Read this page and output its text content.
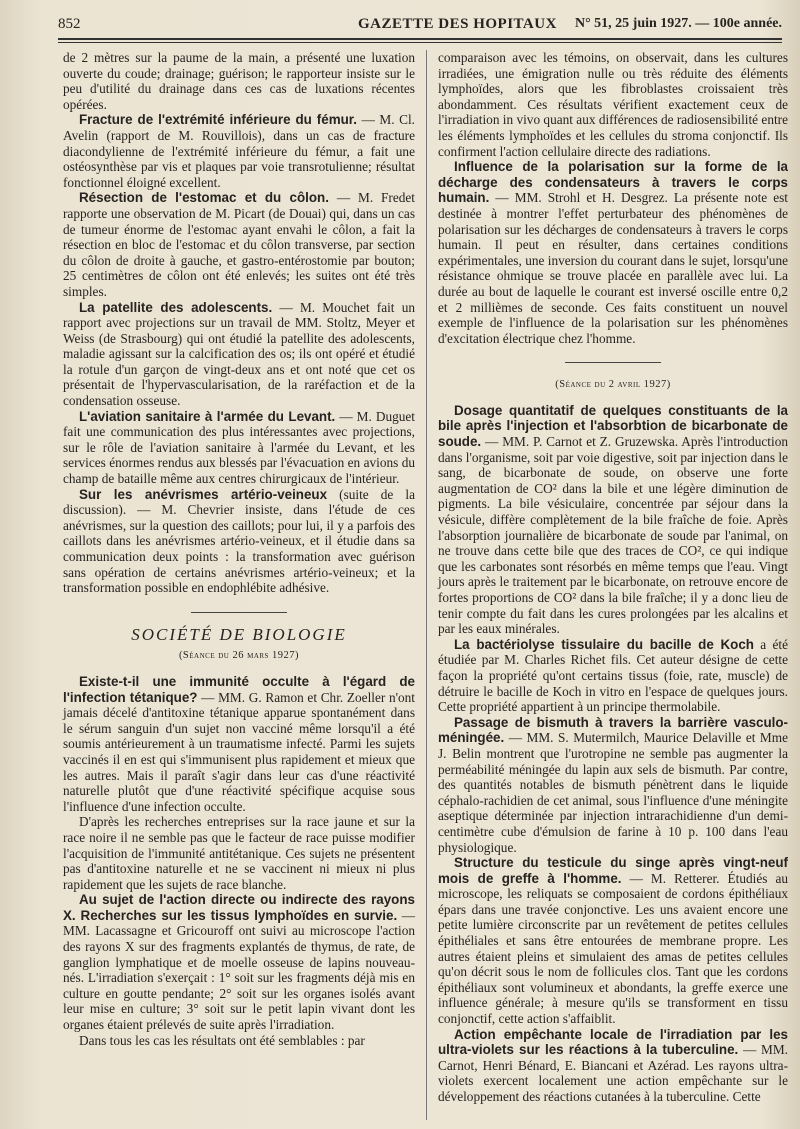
852	GAZETTE DES HOPITAUX N° 51, 25 juin 1927. — 100e année.

de 2 mètres sur la paume de la main, a présenté une luxation ouverte du coude; drainage; guérison; le rapporteur insiste sur le peu d'utilité du drainage dans ces cas de luxations récentes opérées.

Fracture de l'extrémité inférieure du fémur. — M. Cl. Avelin (rapport de M. Rouvillois), dans un cas de fracture diacondylienne de l'extrémité inférieure du fémur, a fait une ostéosynthèse par vis et plaques par voie transrotulienne; résultat fonctionnel éloigné excellent.

Résection de l'estomac et du côlon. — M. Fredet rapporte une observation de M. Picart (de Douai) qui, dans un cas de tumeur énorme de l'estomac ayant envahi le côlon, a fait la résection en bloc de l'estomac et du côlon transverse, par section du côlon de droite à gauche, et gastro-entérostomie par bouton; 25 centimètres de côlon ont été enlevés; les suites ont été très simples.

La patellite des adolescents. — M. Mouchet fait un rapport avec projections sur un travail de MM. Stoltz, Meyer et Weiss (de Strasbourg) qui ont étudié la patellite des adolescents, maladie agissant sur la calcification des os; ils ont opéré et étudié la rotule d'un garçon de vingt-deux ans et ont noté que cet os présentait de l'hypervascularisation, de la raréfaction et de la condensation osseuse.

L'aviation sanitaire à l'armée du Levant. — M. Duguet fait une communication des plus intéressantes avec projections, sur le rôle de l'aviation sanitaire à l'armée du Levant, et les services énormes rendus aux blessés par l'évacuation en avions du champ de bataille même aux centres chirurgicaux de l'intérieur.

Sur les anévrismes artério-veineux (suite de la discussion). — M. Chevrier insiste, dans l'étude de ces anévrismes, sur la question des caillots; pour lui, il y a parfois des caillots dans les anévrismes artério-veineux, et il étudie dans sa communication deux points : la transformation avec guérison sans opération de certains anévrismes artério-veineux; et la transformation possible en endophlébite adhésive.

SOCIÉTÉ DE BIOLOGIE
(Séance du 26 mars 1927)

Existe-t-il une immunité occulte à l'égard de l'infection tétanique? — MM. G. Ramon et Chr. Zoeller n'ont jamais décelé d'antitoxine tétanique apparue spontanément dans le sérum sanguin d'un sujet non vacciné même lorsqu'il a été soumis antérieurement à un traumatisme infecté. Parmi les sujets vaccinés il en est qui s'immunisent plus rapidement et mieux que les autres. Mais il paraît s'agir dans leur cas d'une réactivité naturelle plutôt que d'une réactivité spécifique acquise sous l'influence d'une infection occulte.

D'après les recherches entreprises sur la race jaune et sur la race noire il ne semble pas que le facteur de race puisse modifier l'acquisition de l'immunité antitétanique. Ces sujets ne présentent pas d'antitoxine naturelle et ne se vaccinent ni mieux ni plus rapidement que les sujets de race blanche.

Au sujet de l'action directe ou indirecte des rayons X. Recherches sur les tissus lymphoïdes en survie. — MM. Lacassagne et Gricouroff ont suivi au microscope l'action des rayons X sur des fragments explantés de thymus, de rate, de ganglion lymphatique et de moelle osseuse de lapins nouveau-nés. L'irradiation s'exerçait : 1° soit sur les fragments déjà mis en culture en goutte pendante; 2° soit sur les organes isolés avant leur mise en culture; 3° soit sur le petit lapin vivant dont les organes étaient prélevés de suite après l'irradiation.

Dans tous les cas les résultats ont été semblables : par

comparaison avec les témoins, on observait, dans les cultures irradiées, une émigration nulle ou très réduite des éléments lymphoïdes, alors que les fibroblastes croissaient très abondamment. Ces résultats vérifient exactement ceux de l'irradiation in vivo quant aux différences de radiosensibilité entre les éléments lymphoïdes et les cellules du stroma conjonctif. Ils confirment l'action cellulaire directe des radiations.

Influence de la polarisation sur la forme de la décharge des condensateurs à travers le corps humain. — MM. Strohl et H. Desgrez. La présente note est destinée à montrer l'effet perturbateur des phénomènes de polarisation sur les décharges de condensateurs à travers le corps humain. Il peut en résulter, dans certaines conditions expérimentales, une inversion du courant dans le sujet, lorsqu'une résistance ohmique se trouve placée en parallèle avec lui. La durée au bout de laquelle le courant est inversé oscille entre 0,2 et 2 millièmes de seconde. Ces faits constituent un nouvel exemple de l'influence de la polarisation sur les phénomènes d'excitation électrique chez l'homme.

(Séance du 2 avril 1927)

Dosage quantitatif de quelques constituants de la bile après l'injection et l'absorbtion de bicarbonate de soude. — MM. P. Carnot et Z. Gruzewska. Après l'introduction dans l'organisme, soit par voie digestive, soit par injection dans le sang, de bicarbonate de soude, on observe une forte augmentation de CO² dans la bile et une légère diminution de pigments. La bile vésiculaire, concentrée par séjour dans la vésicule, diffère complètement de la bile fraîche de foie. Après l'absorption journalière de bicarbonate de soude par l'animal, on ne trouve dans cette bile que des traces de CO², ce qui indique que les carbonates sont résorbés en même temps que l'eau. Vingt jours après le traitement par le bicarbonate, on retrouve encore de fortes proportions de CO² dans la bile fraîche; il y a donc lieu de tenir compte du fait dans les cures prolongées par les alcalins et par les eaux minérales.

La bactériolyse tissulaire du bacille de Koch a été étudiée par M. Charles Richet fils. Cet auteur désigne de cette façon la propriété qu'ont certains tissus (foie, rate, muscle) de détruire le bacille de Koch in vitro en l'espace de quelques jours. Cette propriété appartient à un principe thermolabile.

Passage de bismuth à travers la barrière vasculo-méningée. — MM. S. Mutermilch, Maurice Delaville et Mme J. Belin montrent que l'urotropine ne semble pas augmenter la perméabilité méningée du lapin aux sels de bismuth. Par contre, des quantités notables de bismuth pénètrent dans le liquide céphalo-rachidien de cet animal, sous l'influence d'une méningite aseptique déterminée par injection intrarachidienne d'un demi-centimètre cube d'émulsion de farine à 10 p. 100 dans l'eau physiologique.

Structure du testicule du singe après vingt-neuf mois de greffe à l'homme. — M. Retterer. Étudiés au microscope, les reliquats se composaient de cordons épithéliaux épars dans une travée conjonctive. Les uns avaient encore une petite lumière circonscrite par un revêtement de petites cellules épithéliales et sans être entourées de membrane propre. Les autres étaient pleins et simulaient des amas de petites cellules qu'on décrit sous le nom de follicules clos. Tant que les cordons épithéliaux sont volumineux et abondants, la greffe exerce une influence générale; à mesure qu'ils se transforment en tissu conjonctif, cette action s'affaiblit.

Action empêchante locale de l'irradiation par les ultra-violets sur les réactions à la tuberculine. — MM. Carnot, Henri Bénard, E. Biancani et Azérad. Les rayons ultra-violets exercent localement une action empêchante sur le développement des réactions cutanées à la tuberculine. Cette
